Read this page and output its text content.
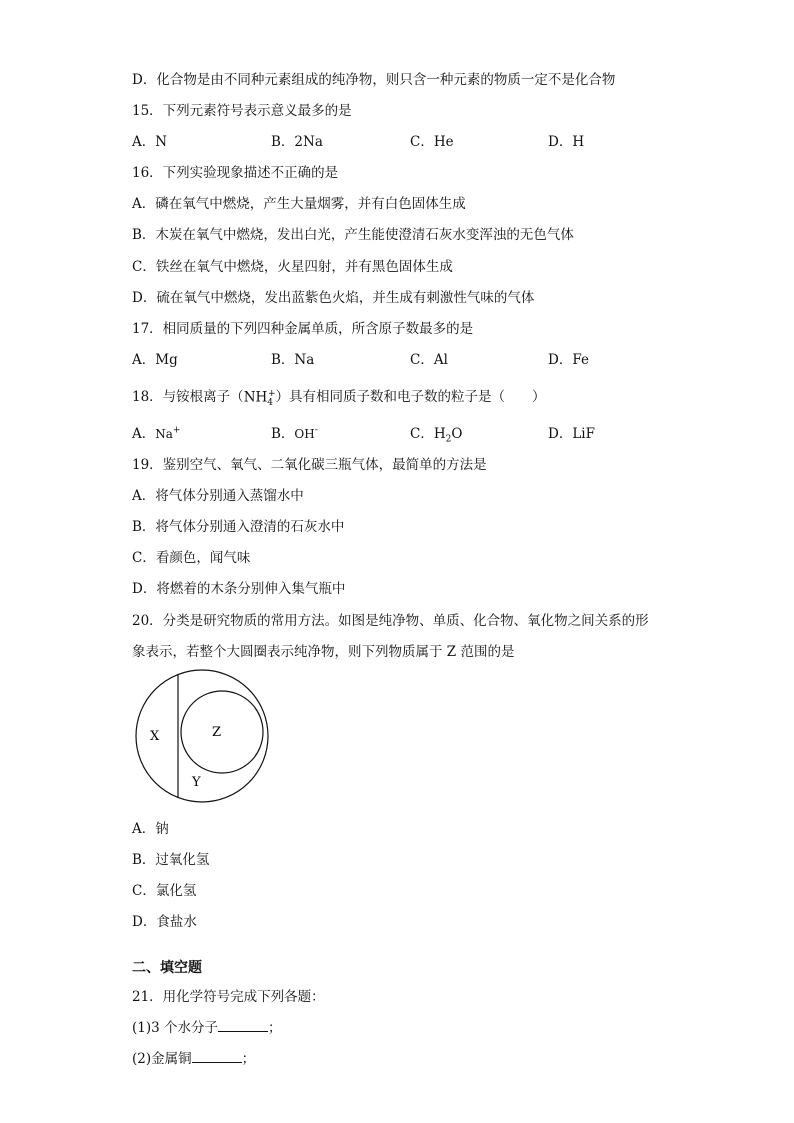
D．化合物是由不同种元素组成的纯净物，则只含一种元素的物质一定不是化合物
15．下列元素符号表示意义最多的是
A．N	B．2Na	C．He	D．H
16．下列实验现象描述不正确的是
A．磷在氧气中燃烧，产生大量烟雾，并有白色固体生成
B．木炭在氧气中燃烧，发出白光，产生能使澄清石灰水变浑浊的无色气体
C．铁丝在氧气中燃烧，火星四射，并有黑色固体生成
D．硫在氧气中燃烧，发出蓝紫色火焰，并生成有刺激性气味的气体
17．相同质量的下列四种金属单质，所含原子数最多的是
A．Mg	B．Na	C．Al	D．Fe
18．与铵根离子$(NH_4^+)$具有相同质子数和电子数的粒子是（　　）
A．Na+	B．OH-	C．$H_2O$	D．LiF
19．鉴别空气、氧气、二氧化碳三瓶气体，最简单的方法是
A．将气体分别通入蒸馏水中
B．将气体分别通入澄清的石灰水中
C．看颜色，闻气味
D．将燃着的木条分别伸入集气瓶中
20．分类是研究物质的常用方法。如图是纯净物、单质、化合物、氧化物之间关系的形
象表示，若整个大圆圈表示纯净物，则下列物质属于 Z 范围的是
X	Z
Y
A．钠
B．过氧化氢
C．氯化氢
D．食盐水
二、填空题
21．用化学符号完成下列各题：
(1)3 个水分子	；
(2)金属铜	；
